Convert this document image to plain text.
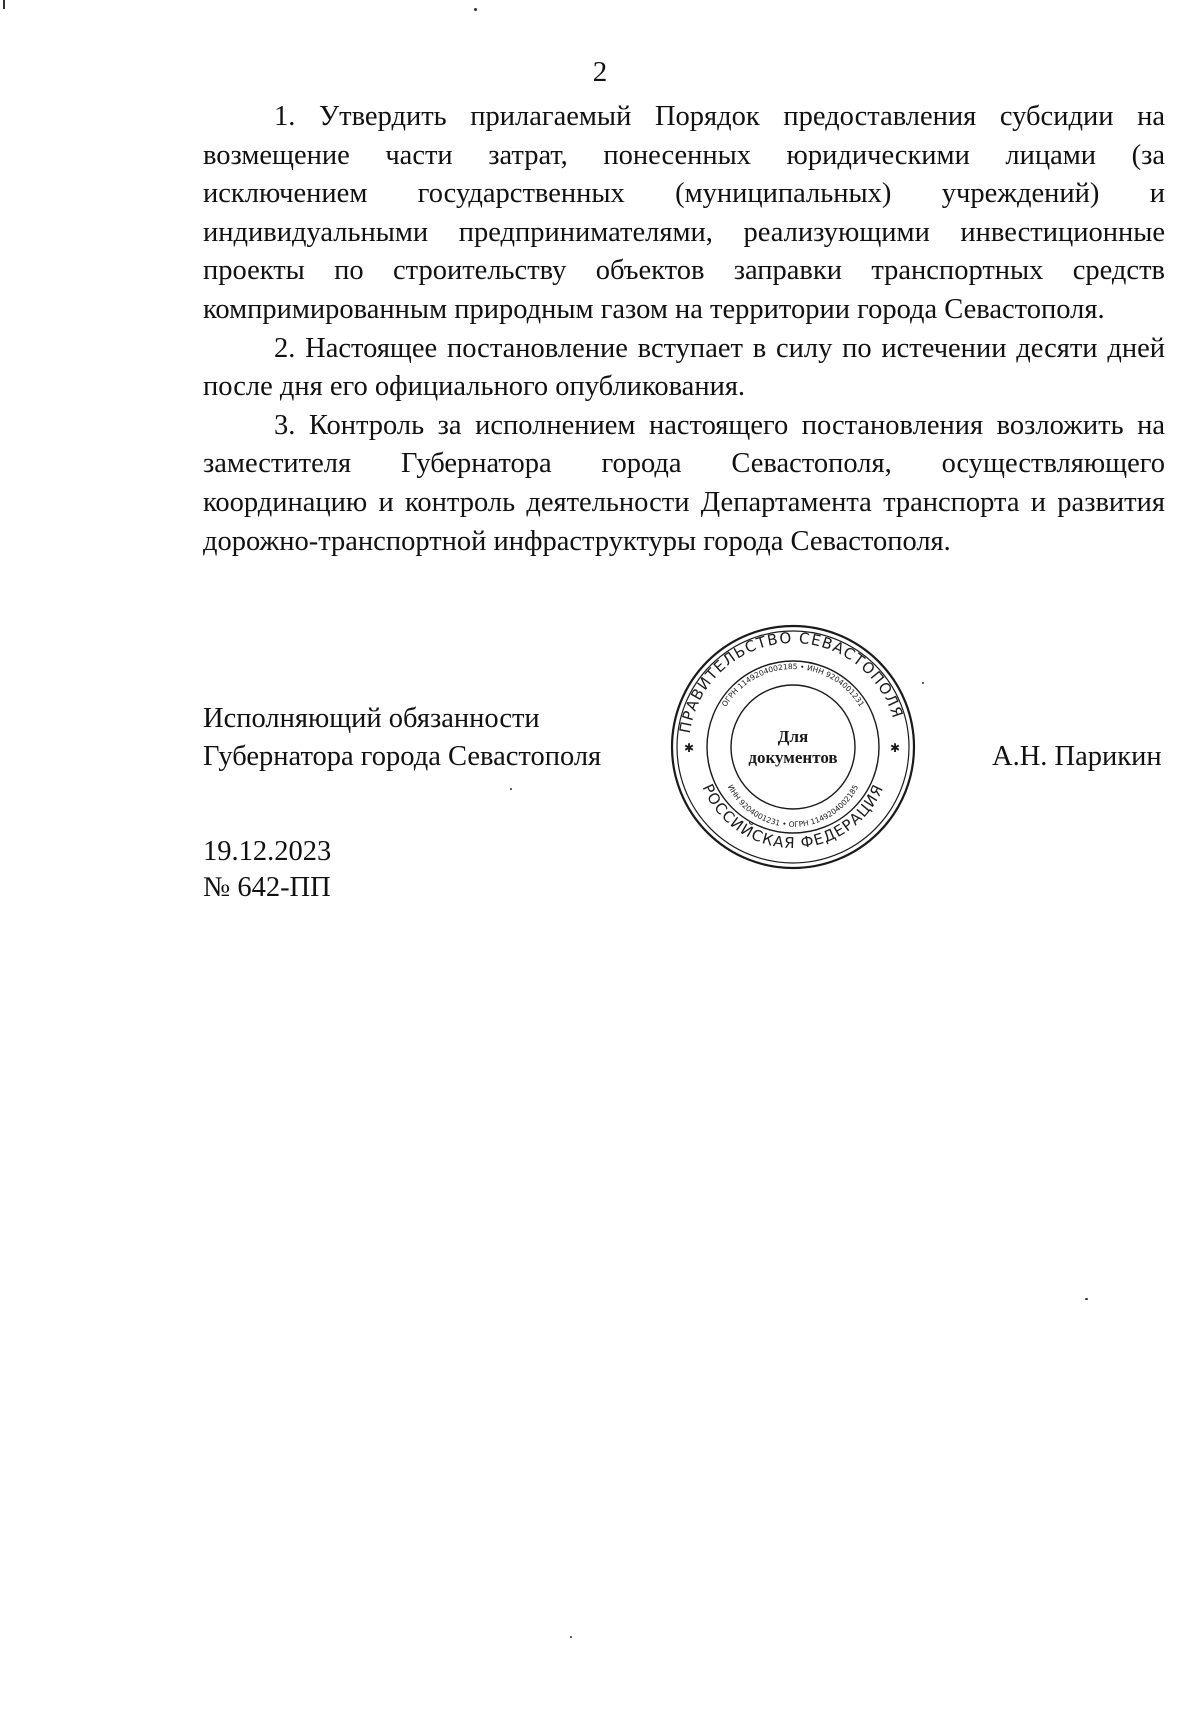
2

1. Утвердить прилагаемый Порядок предоставления субсидии на возмещение части затрат, понесенных юридическими лицами (за исключением государственных (муниципальных) учреждений) и индивидуальными предпринимателями, реализующими инвестиционные проекты по строительству объектов заправки транспортных средств компримированным природным газом на территории города Севастополя.

2. Настоящее постановление вступает в силу по истечении десяти дней после дня его официального опубликования.

3. Контроль за исполнением настоящего постановления возложить на заместителя Губернатора города Севастополя, осуществляющего координацию и контроль деятельности Департамента транспорта и развития дорожно-транспортной инфраструктуры города Севастополя.

Исполняющий обязанности
Губернатора города Севастополя
ПРАВИТЕЛЬСТВО СЕВАСТОПОЛЯ
РОССИЙСКАЯ ФЕДЕРАЦИЯ
ОГРН 1149204002185 • ИНН 9204001231
ИНН 9204001231 • ОГРН 1149204002185
Для
документов
✱	✱	А.Н. Парикин
19.12.2023
№ 642-ПП
